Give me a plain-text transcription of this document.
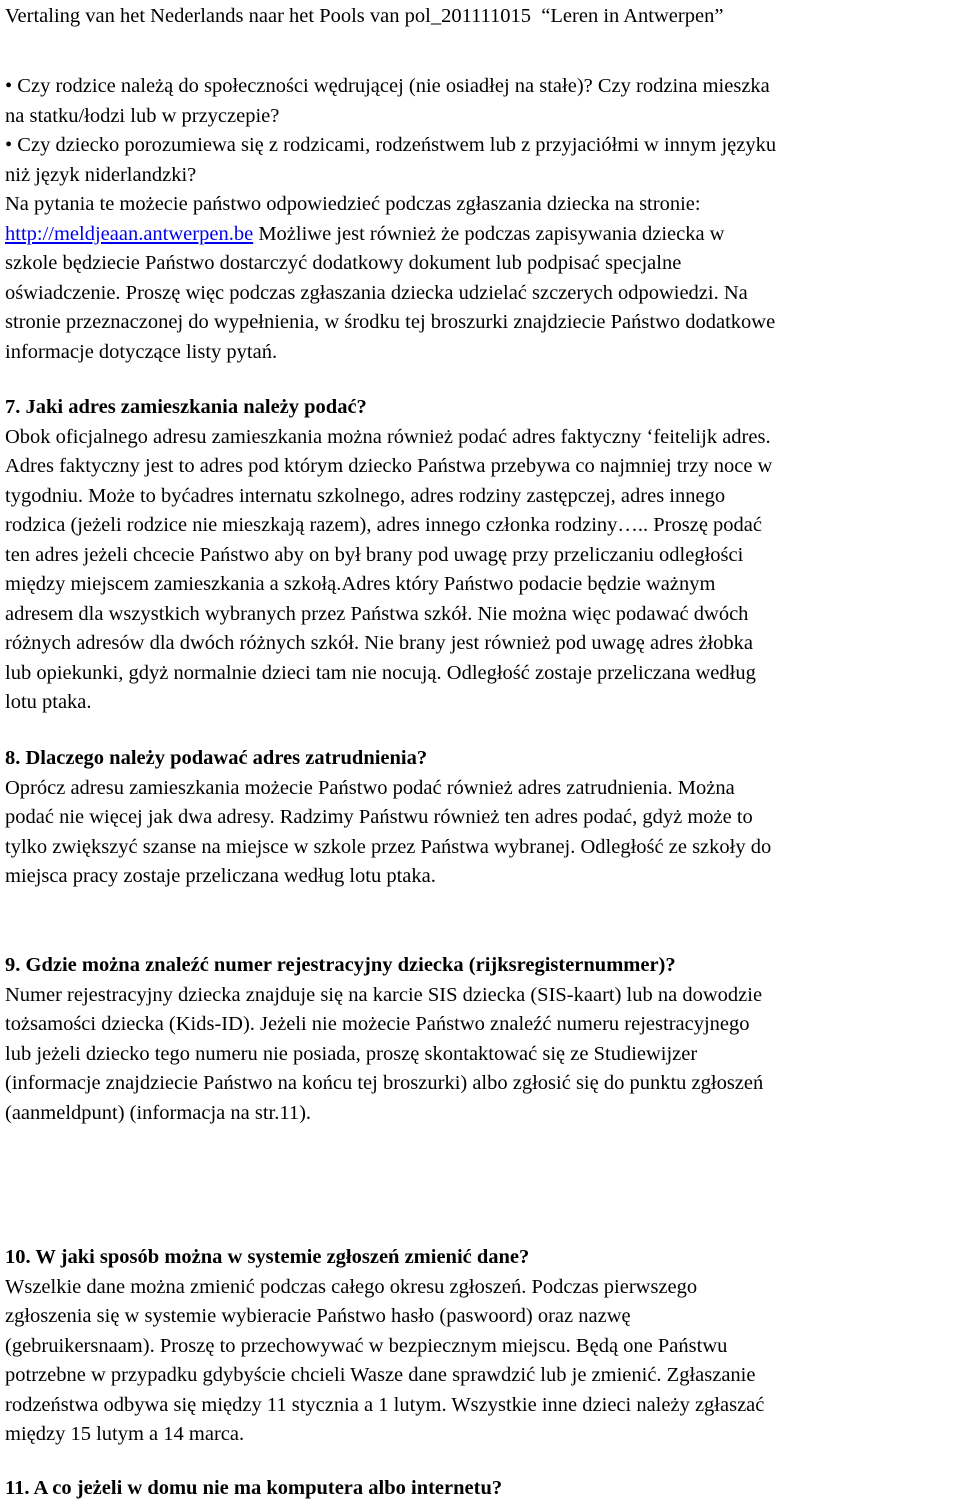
Vertaling van het Nederlands naar het Pools van pol_201111015  “Leren in Antwerpen”
• Czy rodzice należą do społeczności wędrującej (nie osiadłej na stałe)? Czy rodzina mieszka
na statku/łodzi lub w przyczepie?
• Czy dziecko porozumiewa się z rodzicami, rodzeństwem lub z przyjaciółmi w innym języku
niż język niderlandzki?
Na pytania te możecie państwo odpowiedzieć podczas zgłaszania dziecka na stronie:
http://meldjeaan.antwerpen.be Możliwe jest również że podczas zapisywania dziecka w
szkole będziecie Państwo dostarczyć dodatkowy dokument lub podpisać specjalne
oświadczenie. Proszę więc podczas zgłaszania dziecka udzielać szczerych odpowiedzi. Na
stronie przeznaczonej do wypełnienia, w środku tej broszurki znajdziecie Państwo dodatkowe
informacje dotyczące listy pytań.
7. Jaki adres zamieszkania należy podać?
Obok oficjalnego adresu zamieszkania można również podać adres faktyczny ‘feitelijk adres.
Adres faktyczny jest to adres pod którym dziecko Państwa przebywa co najmniej trzy noce w
tygodniu. Może to byćadres internatu szkolnego, adres rodziny zastępczej, adres innego
rodzica (jeżeli rodzice nie mieszkają razem), adres innego członka rodziny….. Proszę podać
ten adres jeżeli chcecie Państwo aby on był brany pod uwagę przy przeliczaniu odległości
między miejscem zamieszkania a szkołą.Adres który Państwo podacie będzie ważnym
adresem dla wszystkich wybranych przez Państwa szkół. Nie można więc podawać dwóch
różnych adresów dla dwóch różnych szkół. Nie brany jest również pod uwagę adres żłobka
lub opiekunki, gdyż normalnie dzieci tam nie nocują. Odległość zostaje przeliczana według
lotu ptaka.
8. Dlaczego należy podawać adres zatrudnienia?
Oprócz adresu zamieszkania możecie Państwo podać również adres zatrudnienia. Można
podać nie więcej jak dwa adresy. Radzimy Państwu również ten adres podać, gdyż może to
tylko zwiększyć szanse na miejsce w szkole przez Państwa wybranej. Odległość ze szkoły do
miejsca pracy zostaje przeliczana według lotu ptaka.
9. Gdzie można znaleźć numer rejestracyjny dziecka (rijksregisternummer)?
Numer rejestracyjny dziecka znajduje się na karcie SIS dziecka (SIS-kaart) lub na dowodzie
tożsamości dziecka (Kids-ID). Jeżeli nie możecie Państwo znaleźć numeru rejestracyjnego
lub jeżeli dziecko tego numeru nie posiada, proszę skontaktować się ze Studiewijzer
(informacje znajdziecie Państwo na końcu tej broszurki) albo zgłosić się do punktu zgłoszeń
(aanmeldpunt) (informacja na str.11).
10. W jaki sposób można w systemie zgłoszeń zmienić dane?
Wszelkie dane można zmienić podczas całego okresu zgłoszeń. Podczas pierwszego
zgłoszenia się w systemie wybieracie Państwo hasło (paswoord) oraz nazwę
(gebruikersnaam). Proszę to przechowywać w bezpiecznym miejscu. Będą one Państwu
potrzebne w przypadku gdybyście chcieli Wasze dane sprawdzić lub je zmienić. Zgłaszanie
rodzeństwa odbywa się między 11 stycznia a 1 lutym. Wszystkie inne dzieci należy zgłaszać
między 15 lutym a 14 marca.
11. A co jeżeli w domu nie ma komputera albo internetu?
